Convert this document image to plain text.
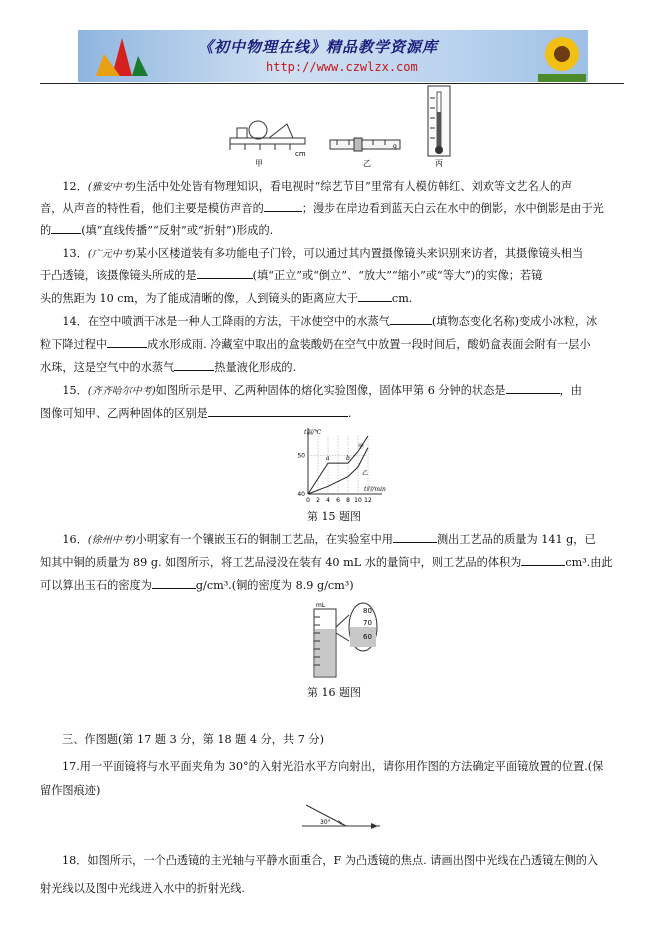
《初中物理在线》精品教学资源库
http://www.czwlzx.com
cm
甲
g
乙	丙
12．(雅安中考)生活中处处皆有物理知识，看电视时“综艺节目”里常有人模仿韩红、刘欢等文艺名人的声

音，从声音的特性看，他们主要是模仿声音的	；漫步在岸边看到蓝天白云在水中的倒影，水中倒影是由于光
的	(填“直线传播”“反射”或“折射”)形成的.
13．(广元中考)某小区楼道装有多功能电子门铃，可以通过其内置摄像镜头来识别来访者，其摄像镜头相当
于凸透镜，该摄像镜头所成的是	(填“正立”或“倒立”、“放大”“缩小”或“等大”)的实像；若镜
头的焦距为 10 cm，为了能成清晰的像，人到镜头的距离应大于	cm.
14．在空中喷洒干冰是一种人工降雨的方法，干冰使空中的水蒸气	(填物态变化名称)变成小冰粒，冰
粒下降过程中	成水形成雨. 冷藏室中取出的盒装酸奶在空气中放置一段时间后，酸奶盒表面会附有一层小
水珠，这是空气中的水蒸气	热量液化形成的.
15．(齐齐哈尔中考)如图所示是甲、乙两种固体的熔化实验图像，固体甲第 6 分钟的状态是	，由
图像可知甲、乙两种固体的区别是	.
0 2 4 6 8 10 12
40
50
t时/min
t温/℃
甲
乙
a	b
第 15 题图
16．(徐州中考)小明家有一个镶嵌玉石的铜制工艺品，在实验室中用	测出工艺品的质量为 141 g，已
知其中铜的质量为 89 g. 如图所示，将工艺品浸没在装有 40 mL 水的量筒中，则工艺品的体积为	cm³.由此
可以算出玉石的密度为	g/cm³.(铜的密度为 8.9 g/cm³)
mL
80
70
60
第 16 题图
三、作图题(第 17 题 3 分，第 18 题 4 分，共 7 分)
17.用一平面镜将与水平面夹角为 30°的入射光沿水平方向射出，请你用作图的方法确定平面镜放置的位置.(保
留作图痕迹)
30°
18．如图所示，一个凸透镜的主光轴与平静水面重合，F 为凸透镜的焦点. 请画出图中光线在凸透镜左侧的入
射光线以及图中光线进入水中的折射光线.
